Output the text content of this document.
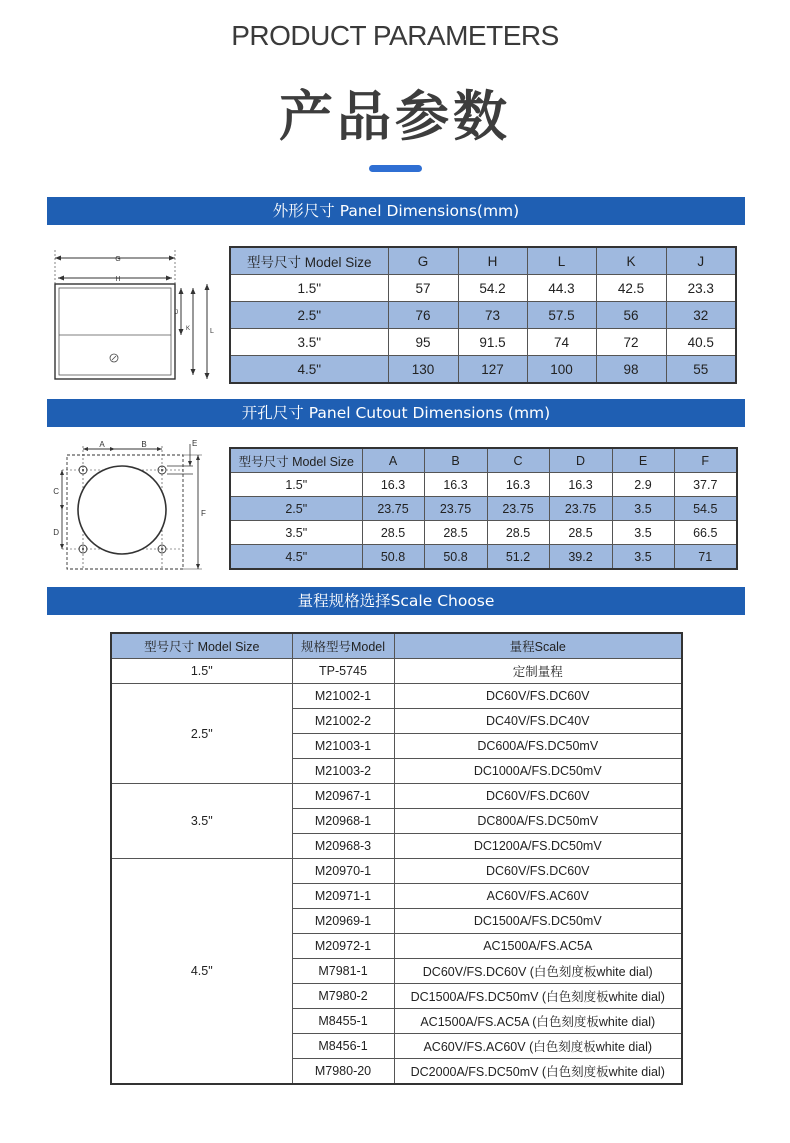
PRODUCT PARAMETERS
产品参数
外形尺寸 Panel Dimensions(mm)
G
H
J
K	L
型号尺寸 Model Size	G	H	L	K	J
1.5"	57	54.2	44.3	42.5	23.3
2.5"	76	73	57.5	56	32
3.5"	95	91.5	74	72	40.5
4.5"	130	127	100	98	55
开孔尺寸 Panel Cutout Dimensions (mm)
A	B
C
D
E
F
型号尺寸 Model Size	A	B	C	D	E	F
1.5"	16.3	16.3	16.3	16.3	2.9	37.7
2.5"	23.75	23.75	23.75	23.75	3.5	54.5
3.5"	28.5	28.5	28.5	28.5	3.5	66.5
4.5"	50.8	50.8	51.2	39.2	3.5	71
量程规格选择Scale Choose
型号尺寸 Model Size	规格型号Model	量程Scale
1.5"	TP-5745	定制量程
2.5"	M21002-1	DC60V/FS.DC60V
	M21002-2	DC40V/FS.DC40V
	M21003-1	DC600A/FS.DC50mV
	M21003-2	DC1000A/FS.DC50mV
3.5"	M20967-1	DC60V/FS.DC60V
	M20968-1	DC800A/FS.DC50mV
	M20968-3	DC1200A/FS.DC50mV
4.5"	M20970-1	DC60V/FS.DC60V
	M20971-1	AC60V/FS.AC60V
	M20969-1	DC1500A/FS.DC50mV
	M20972-1	AC1500A/FS.AC5A
	M7981-1	DC60V/FS.DC60V (白色刻度板white dial)
	M7980-2	DC1500A/FS.DC50mV (白色刻度板white dial)
	M8455-1	AC1500A/FS.AC5A (白色刻度板white dial)
	M8456-1	AC60V/FS.AC60V (白色刻度板white dial)
	M7980-20	DC2000A/FS.DC50mV (白色刻度板white dial)
